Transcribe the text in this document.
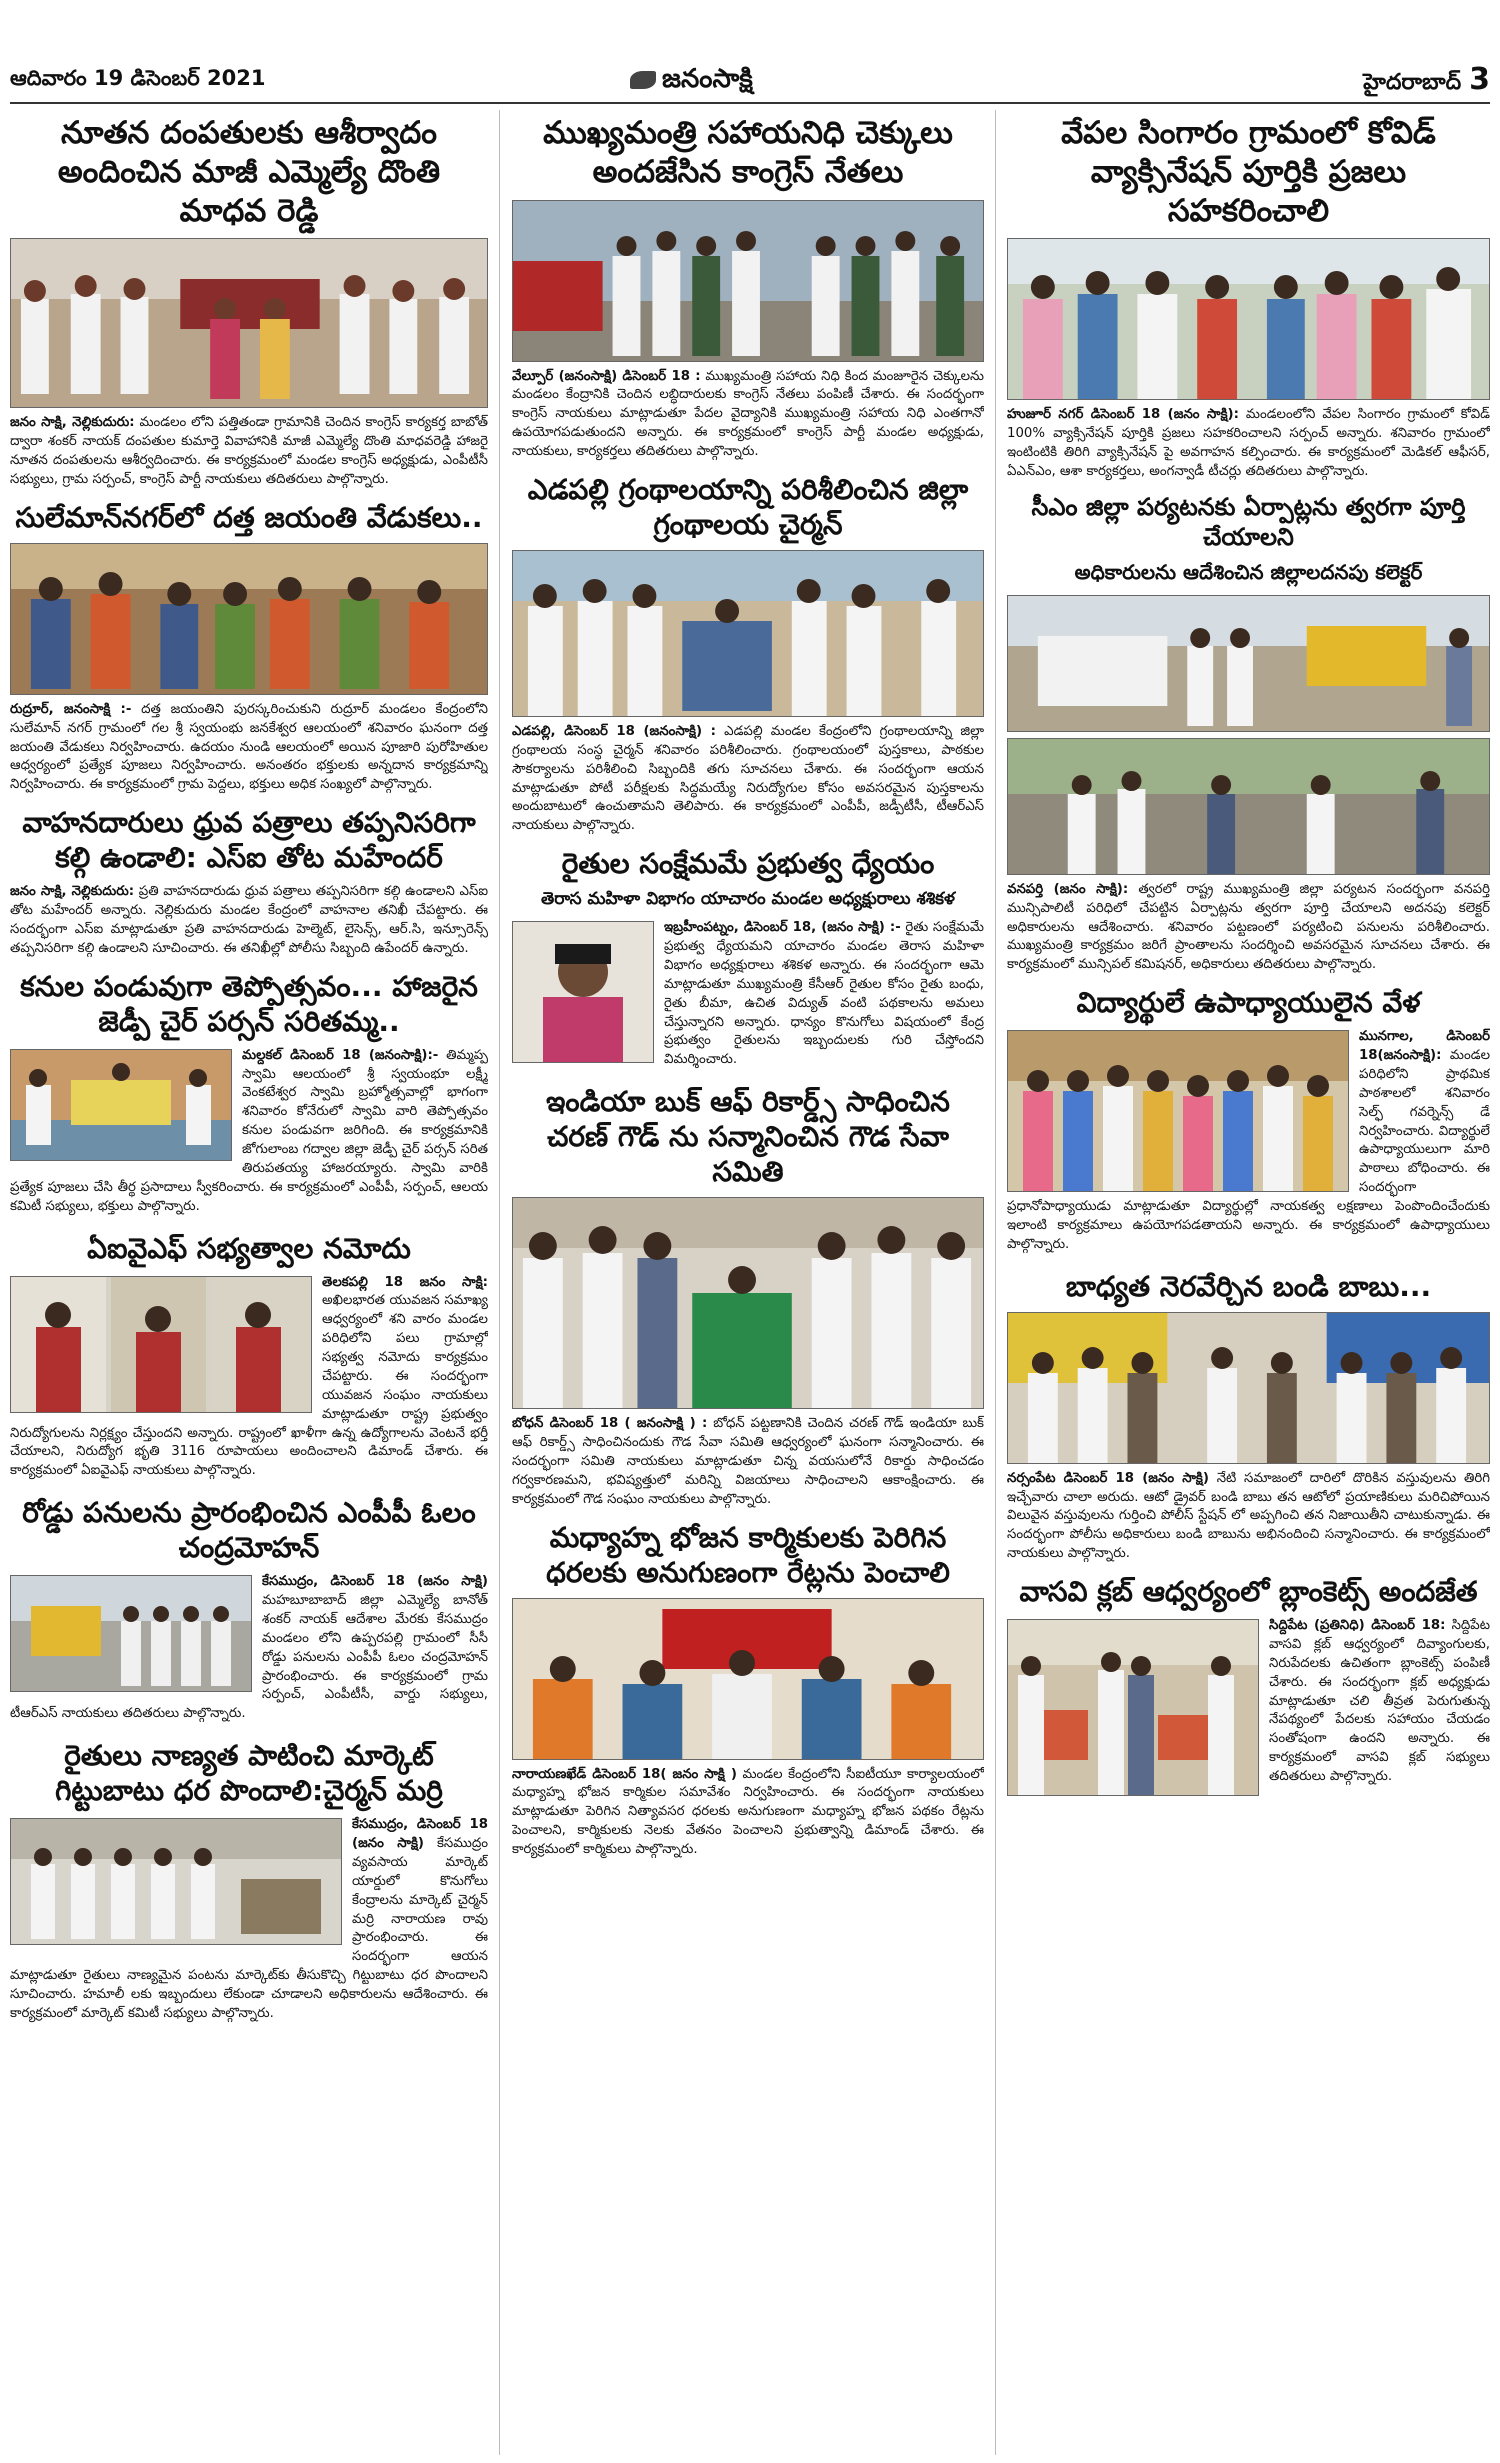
ఆదివారం 19 డిసెంబర్ 2021	జనంసాక్షి	హైదరాబాద్ 3
నూతన దంపతులకు ఆశీర్వాదం అందించిన మాజీ ఎమ్మెల్యే దొంతి మాధవ రెడ్డి

జనం సాక్షి, నెల్లికుదురు: మండలం లోని పత్తితండా గ్రామానికి చెందిన కాంగ్రెస్ కార్యకర్త బాబోత్ ద్వారా శంకర్ నాయక్ దంపతుల కుమార్తె వివాహానికి మాజీ ఎమ్మెల్యే దొంతి మాధవరెడ్డి హాజరై నూతన దంపతులను ఆశీర్వదించారు. ఈ కార్యక్రమంలో మండల కాంగ్రెస్ అధ్యక్షుడు, ఎంపీటీసీ సభ్యులు, గ్రామ సర్పంచ్, కాంగ్రెస్ పార్టీ నాయకులు తదితరులు పాల్గొన్నారు.

సులేమాన్‌నగర్‌లో దత్త జయంతి వేడుకలు..

రుద్రూర్, జనంసాక్షి :- దత్త జయంతిని పురస్కరించుకుని రుద్రూర్ మండలం కేంద్రంలోని సులేమాన్ నగర్ గ్రామంలో గల శ్రీ స్వయంభు జనకేశ్వర ఆలయంలో శనివారం ఘనంగా దత్త జయంతి వేడుకలు నిర్వహించారు. ఉదయం నుండి ఆలయంలో అయిన పూజారి పురోహితుల ఆధ్వర్యంలో ప్రత్యేక పూజలు నిర్వహించారు. అనంతరం భక్తులకు అన్నదాన కార్యక్రమాన్ని నిర్వహించారు. ఈ కార్యక్రమంలో గ్రామ పెద్దలు, భక్తులు అధిక సంఖ్యలో పాల్గొన్నారు.

వాహనదారులు ధ్రువ పత్రాలు తప్పనిసరిగా కల్గి ఉండాలి: ఎస్ఐ తోట మహేందర్

జనం సాక్షి, నెల్లికుదురు: ప్రతి వాహనదారుడు ధ్రువ పత్రాలు తప్పనిసరిగా కల్గి ఉండాలని ఎస్ఐ తోట మహేందర్ అన్నారు. నెల్లికుదురు మండల కేంద్రంలో వాహనాల తనిఖీ చేపట్టారు. ఈ సందర్భంగా ఎస్ఐ మాట్లాడుతూ ప్రతి వాహనదారుడు హెల్మెట్, లైసెన్స్, ఆర్.సి, ఇన్సూరెన్స్ తప్పనిసరిగా కల్గి ఉండాలని సూచించారు. ఈ తనిఖీల్లో పోలీసు సిబ్బంది ఉపేందర్ ఉన్నారు.

కనుల పండువుగా తెప్పోత్సవం... హాజరైన జెడ్పీ చైర్ పర్సన్ సరితమ్మ..

మల్దకల్ డిసెంబర్ 18 (జనంసాక్షి):- తిమ్మప్ప స్వామి ఆలయంలో శ్రీ స్వయంభూ లక్ష్మీ వెంకటేశ్వర స్వామి బ్రహ్మోత్సవాల్లో భాగంగా శనివారం కోనేరులో స్వామి వారి తెప్పోత్సవం కనుల పండువగా జరిగింది. ఈ కార్యక్రమానికి జోగులాంబ గద్వాల జిల్లా జెడ్పీ చైర్ పర్సన్ సరిత తిరుపతయ్య హాజరయ్యారు. స్వామి వారికి ప్రత్యేక పూజలు చేసి తీర్థ ప్రసాదాలు స్వీకరించారు. ఈ కార్యక్రమంలో ఎంపీపీ, సర్పంచ్, ఆలయ కమిటీ సభ్యులు, భక్తులు పాల్గొన్నారు.

ఏఐవైఎఫ్ సభ్యత్వాల నమోదు

తెలకపల్లి 18 జనం సాక్షి: అఖిలభారత యువజన సమాఖ్య ఆధ్వర్యంలో శని వారం మండల పరిధిలోని పలు గ్రామాల్లో సభ్యత్వ నమోదు కార్యక్రమం చేపట్టారు. ఈ సందర్భంగా యువజన సంఘం నాయకులు మాట్లాడుతూ రాష్ట్ర ప్రభుత్వం నిరుద్యోగులను నిర్లక్ష్యం చేస్తుందని అన్నారు. రాష్ట్రంలో ఖాళీగా ఉన్న ఉద్యోగాలను వెంటనే భర్తీ చేయాలని, నిరుద్యోగ భృతి 3116 రూపాయలు అందించాలని డిమాండ్ చేశారు. ఈ కార్యక్రమంలో ఏఐవైఎఫ్ నాయకులు పాల్గొన్నారు.

రోడ్డు పనులను ప్రారంభించిన ఎంపీపీ ఓలం చంద్రమోహన్

కేసముద్రం, డిసెంబర్ 18 (జనం సాక్షి) మహబూబాబాద్ జిల్లా ఎమ్మెల్యే బానోత్ శంకర్ నాయక్ ఆదేశాల మేరకు కేసముద్రం మండలం లోని ఉప్పరపల్లి గ్రామంలో సీసీ రోడ్డు పనులను ఎంపీపీ ఓలం చంద్రమోహన్ ప్రారంభించారు. ఈ కార్యక్రమంలో గ్రామ సర్పంచ్, ఎంపీటీసీ, వార్డు సభ్యులు, టీఆర్ఎస్ నాయకులు తదితరులు పాల్గొన్నారు.

రైతులు నాణ్యత పాటించి మార్కెట్ గిట్టుబాటు ధర పొందాలి:చైర్మన్ మర్రి

కేసముద్రం, డిసెంబర్ 18 (జనం సాక్షి) కేసముద్రం వ్యవసాయ మార్కెట్ యార్డులో కొనుగోలు కేంద్రాలను మార్కెట్ చైర్మన్ మర్రి నారాయణ రావు ప్రారంభించారు. ఈ సందర్భంగా ఆయన మాట్లాడుతూ రైతులు నాణ్యమైన పంటను మార్కెట్‌కు తీసుకొచ్చి గిట్టుబాటు ధర పొందాలని సూచించారు. హమాలీ లకు ఇబ్బందులు లేకుండా చూడాలని అధికారులను ఆదేశించారు. ఈ కార్యక్రమంలో మార్కెట్ కమిటీ సభ్యులు పాల్గొన్నారు.

ముఖ్యమంత్రి సహాయనిధి చెక్కులు అందజేసిన కాంగ్రెస్ నేతలు

వేల్పూర్ (జనంసాక్షి) డిసెంబర్ 18 : ముఖ్యమంత్రి సహాయ నిధి కింద మంజూరైన చెక్కులను మండలం కేంద్రానికి చెందిన లబ్ధిదారులకు కాంగ్రెస్ నేతలు పంపిణీ చేశారు. ఈ సందర్భంగా కాంగ్రెస్ నాయకులు మాట్లాడుతూ పేదల వైద్యానికి ముఖ్యమంత్రి సహాయ నిధి ఎంతగానో ఉపయోగపడుతుందని అన్నారు. ఈ కార్యక్రమంలో కాంగ్రెస్ పార్టీ మండల అధ్యక్షుడు, నాయకులు, కార్యకర్తలు తదితరులు పాల్గొన్నారు.

ఎడపల్లి గ్రంథాలయాన్ని పరిశీలించిన జిల్లా గ్రంథాలయ చైర్మన్

ఎడపల్లి, డిసెంబర్ 18 (జనంసాక్షి) : ఎడపల్లి మండల కేంద్రంలోని గ్రంథాలయాన్ని జిల్లా గ్రంథాలయ సంస్థ చైర్మన్ శనివారం పరిశీలించారు. గ్రంథాలయంలో పుస్తకాలు, పాఠకుల సౌకర్యాలను పరిశీలించి సిబ్బందికి తగు సూచనలు చేశారు. ఈ సందర్భంగా ఆయన మాట్లాడుతూ పోటీ పరీక్షలకు సిద్ధమయ్యే నిరుద్యోగుల కోసం అవసరమైన పుస్తకాలను అందుబాటులో ఉంచుతామని తెలిపారు. ఈ కార్యక్రమంలో ఎంపీపీ, జడ్పీటీసీ, టీఆర్ఎస్ నాయకులు పాల్గొన్నారు.

రైతుల సంక్షేమమే ప్రభుత్వ ధ్యేయం
తెరాస మహిళా విభాగం యాచారం మండల అధ్యక్షురాలు శశికళ

ఇబ్రహీంపట్నం, డిసెంబర్ 18, (జనం సాక్షి) :- రైతు సంక్షేమమే ప్రభుత్వ ధ్యేయమని యాచారం మండల తెరాస మహిళా విభాగం అధ్యక్షురాలు శశికళ అన్నారు. ఈ సందర్భంగా ఆమె మాట్లాడుతూ ముఖ్యమంత్రి కేసీఆర్ రైతుల కోసం రైతు బంధు, రైతు బీమా, ఉచిత విద్యుత్ వంటి పథకాలను అమలు చేస్తున్నారని అన్నారు. ధాన్యం కొనుగోలు విషయంలో కేంద్ర ప్రభుత్వం రైతులను ఇబ్బందులకు గురి చేస్తోందని విమర్శించారు.

ఇండియా బుక్ ఆఫ్ రికార్డ్స్ సాధించిన చరణ్ గౌడ్ ను సన్మానించిన గౌడ సేవా సమితి

బోధన్ డిసెంబర్ 18 ( జనంసాక్షి ) : బోధన్ పట్టణానికి చెందిన చరణ్ గౌడ్ ఇండియా బుక్ ఆఫ్ రికార్డ్స్ సాధించినందుకు గౌడ సేవా సమితి ఆధ్వర్యంలో ఘనంగా సన్మానించారు. ఈ సందర్భంగా సమితి నాయకులు మాట్లాడుతూ చిన్న వయసులోనే రికార్డు సాధించడం గర్వకారణమని, భవిష్యత్తులో మరిన్ని విజయాలు సాధించాలని ఆకాంక్షించారు. ఈ కార్యక్రమంలో గౌడ సంఘం నాయకులు పాల్గొన్నారు.

మధ్యాహ్న భోజన కార్మికులకు పెరిగిన ధరలకు అనుగుణంగా రేట్లను పెంచాలి

నారాయణఖేడ్ డిసెంబర్ 18( జనం సాక్షి ) మండల కేంద్రంలోని సీఐటీయూ కార్యాలయంలో మధ్యాహ్న భోజన కార్మికుల సమావేశం నిర్వహించారు. ఈ సందర్భంగా నాయకులు మాట్లాడుతూ పెరిగిన నిత్యావసర ధరలకు అనుగుణంగా మధ్యాహ్న భోజన పథకం రేట్లను పెంచాలని, కార్మికులకు నెలకు వేతనం పెంచాలని ప్రభుత్వాన్ని డిమాండ్ చేశారు. ఈ కార్యక్రమంలో కార్మికులు పాల్గొన్నారు.

వేపల సింగారం గ్రామంలో కోవిడ్ వ్యాక్సినేషన్ పూర్తికి ప్రజలు సహకరించాలి

హుజూర్ నగర్ డిసెంబర్ 18 (జనం సాక్షి): మండలంలోని వేపల సింగారం గ్రామంలో కోవిడ్ 100% వ్యాక్సినేషన్ పూర్తికి ప్రజలు సహకరించాలని సర్పంచ్ అన్నారు. శనివారం గ్రామంలో ఇంటింటికి తిరిగి వ్యాక్సినేషన్ పై అవగాహన కల్పించారు. ఈ కార్యక్రమంలో మెడికల్ ఆఫీసర్, ఏఎన్ఎం, ఆశా కార్యకర్తలు, అంగన్వాడీ టీచర్లు తదితరులు పాల్గొన్నారు.

సీఎం జిల్లా పర్యటనకు ఏర్పాట్లను త్వరగా పూర్తి చేయాలని
అధికారులను ఆదేశించిన జిల్లాలదనపు కలెక్టర్

వనపర్తి (జనం సాక్షి): త్వరలో రాష్ట్ర ముఖ్యమంత్రి జిల్లా పర్యటన సందర్భంగా వనపర్తి మున్సిపాలిటీ పరిధిలో చేపట్టిన ఏర్పాట్లను త్వరగా పూర్తి చేయాలని అదనపు కలెక్టర్ అధికారులను ఆదేశించారు. శనివారం పట్టణంలో పర్యటించి పనులను పరిశీలించారు. ముఖ్యమంత్రి కార్యక్రమం జరిగే ప్రాంతాలను సందర్శించి అవసరమైన సూచనలు చేశారు. ఈ కార్యక్రమంలో మున్సిపల్ కమిషనర్, అధికారులు తదితరులు పాల్గొన్నారు.

విద్యార్థులే ఉపాధ్యాయులైన వేళ

మునగాల, డిసెంబర్ 18(జనంసాక్షి): మండల పరిధిలోని ప్రాథమిక పాఠశాలలో శనివారం సెల్ఫ్ గవర్నెన్స్ డే నిర్వహించారు. విద్యార్థులే ఉపాధ్యాయులుగా మారి పాఠాలు బోధించారు. ఈ సందర్భంగా ప్రధానోపాధ్యాయుడు మాట్లాడుతూ విద్యార్థుల్లో నాయకత్వ లక్షణాలు పెంపొందించేందుకు ఇలాంటి కార్యక్రమాలు ఉపయోగపడతాయని అన్నారు. ఈ కార్యక్రమంలో ఉపాధ్యాయులు పాల్గొన్నారు.

బాధ్యత నెరవేర్చిన బండి బాబు...

నర్సంపేట డిసెంబర్ 18 (జనం సాక్షి) నేటి సమాజంలో దారిలో దొరికిన వస్తువులను తిరిగి ఇచ్చేవారు చాలా అరుదు. ఆటో డ్రైవర్ బండి బాబు తన ఆటోలో ప్రయాణికులు మరిచిపోయిన విలువైన వస్తువులను గుర్తించి పోలీస్ స్టేషన్ లో అప్పగించి తన నిజాయితీని చాటుకున్నాడు. ఈ సందర్భంగా పోలీసు అధికారులు బండి బాబును అభినందించి సన్మానించారు. ఈ కార్యక్రమంలో నాయకులు పాల్గొన్నారు.

వాసవి క్లబ్ ఆధ్వర్యంలో బ్లాంకెట్స్ అందజేత

సిద్దిపేట (ప్రతినిధి) డిసెంబర్ 18: సిద్దిపేట వాసవి క్లబ్ ఆధ్వర్యంలో దివ్యాంగులకు, నిరుపేదలకు ఉచితంగా బ్లాంకెట్స్ పంపిణీ చేశారు. ఈ సందర్భంగా క్లబ్ అధ్యక్షుడు మాట్లాడుతూ చలి తీవ్రత పెరుగుతున్న నేపథ్యంలో పేదలకు సహాయం చేయడం సంతోషంగా ఉందని అన్నారు. ఈ కార్యక్రమంలో వాసవి క్లబ్ సభ్యులు తదితరులు పాల్గొన్నారు.
